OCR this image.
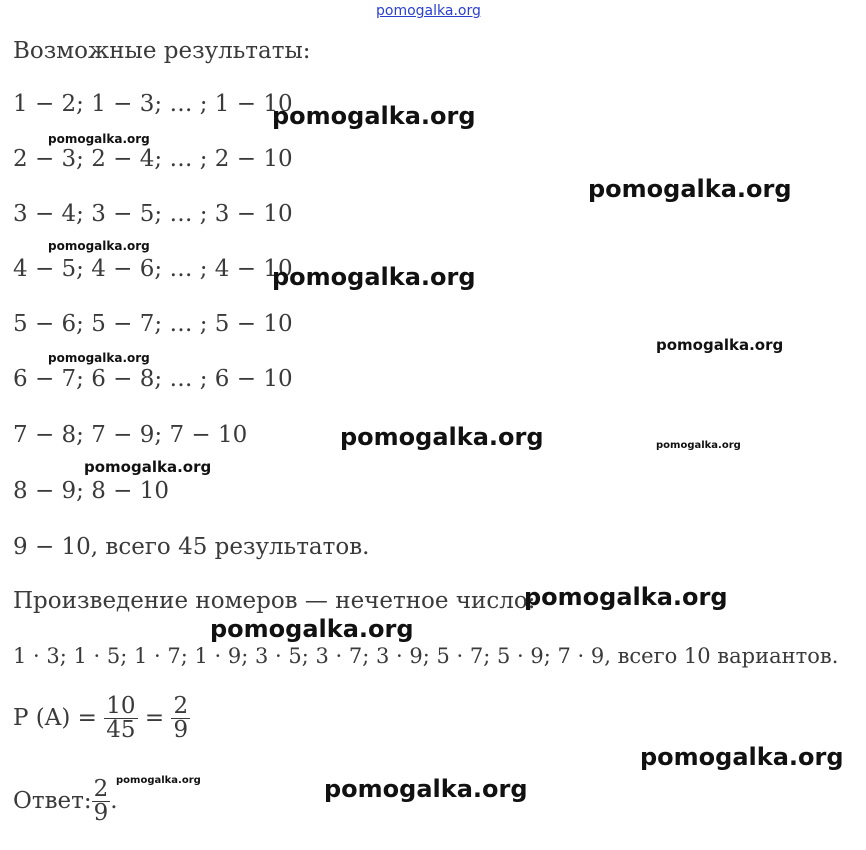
pomogalka.org
Возможные результаты:
1 − 2; 1 − 3; … ; 1 − 10
2 − 3; 2 − 4; … ; 2 − 10
3 − 4; 3 − 5; … ; 3 − 10
4 − 5; 4 − 6; … ; 4 − 10
5 − 6; 5 − 7; … ; 5 − 10
6 − 7; 6 − 8; … ; 6 − 10
7 − 8; 7 − 9; 7 − 10
8 − 9; 8 − 10
9 − 10, всего 45 результатов.
Произведение номеров — нечетное число:
1 · 3; 1 · 5; 1 · 7; 1 · 9; 3 · 5; 3 · 7; 3 · 9; 5 · 7; 5 · 9; 7 · 9, всего 10 вариантов.
P $(A) = \frac{10}{45} = \frac{2}{9}$
Ответ: $\frac{2}{9}$ .
pomogalka.org
pomogalka.org
pomogalka.org
pomogalka.org
pomogalka.org
pomogalka.org
pomogalka.org
pomogalka.org	pomogalka.org
pomogalka.org
pomogalka.org
pomogalka.org
pomogalka.org
pomogalka.org	pomogalka.org
